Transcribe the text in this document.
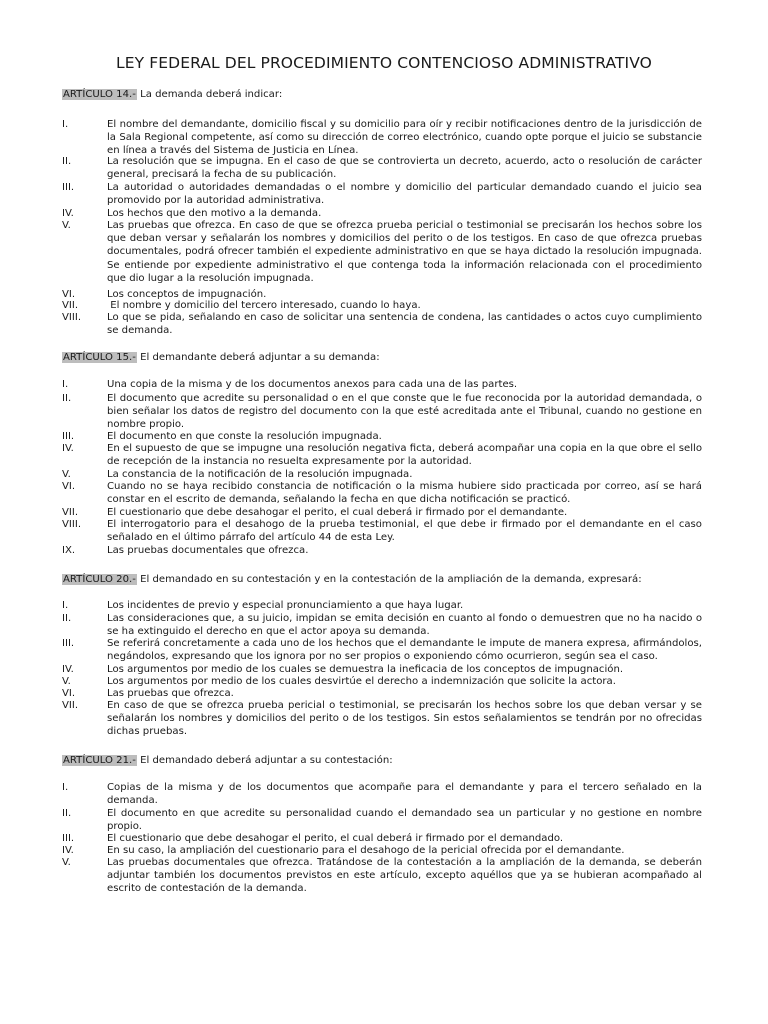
LEY FEDERAL DEL PROCEDIMIENTO CONTENCIOSO ADMINISTRATIVO
ARTÍCULO 14.- La demanda deberá indicar:
I.	El nombre del demandante, domicilio fiscal y su domicilio para oír y recibir notificaciones dentro de la jurisdicción de la Sala Regional competente, así como su dirección de correo electrónico, cuando opte porque el juicio se substancie en línea a través del Sistema de Justicia en Línea.
II.	La resolución que se impugna. En el caso de que se controvierta un decreto, acuerdo, acto o resolución de carácter general, precisará la fecha de su publicación.
III.	La autoridad o autoridades demandadas o el nombre y domicilio del particular demandado cuando el juicio sea promovido por la autoridad administrativa.
IV.	Los hechos que den motivo a la demanda.
V.	Las pruebas que ofrezca. En caso de que se ofrezca prueba pericial o testimonial se precisarán los hechos sobre los que deban versar y señalarán los nombres y domicilios del perito o de los testigos. En caso de que ofrezca pruebas documentales, podrá ofrecer también el expediente administrativo en que se haya dictado la resolución impugnada. Se entiende por expediente administrativo el que contenga toda la información relacionada con el procedimiento que dio lugar a la resolución impugnada.
VI.	Los conceptos de impugnación.
VII.	El nombre y domicilio del tercero interesado, cuando lo haya.
VIII.	Lo que se pida, señalando en caso de solicitar una sentencia de condena, las cantidades o actos cuyo cumplimiento se demanda.
ARTÍCULO 15.- El demandante deberá adjuntar a su demanda:
I.	Una copia de la misma y de los documentos anexos para cada una de las partes.
II.	El documento que acredite su personalidad o en el que conste que le fue reconocida por la autoridad demandada, o bien señalar los datos de registro del documento con la que esté acreditada ante el Tribunal, cuando no gestione en nombre propio.
III.	El documento en que conste la resolución impugnada.
IV.	En el supuesto de que se impugne una resolución negativa ficta, deberá acompañar una copia en la que obre el sello de recepción de la instancia no resuelta expresamente por la autoridad.
V.	La constancia de la notificación de la resolución impugnada.
VI.	Cuando no se haya recibido constancia de notificación o la misma hubiere sido practicada por correo, así se hará constar en el escrito de demanda, señalando la fecha en que dicha notificación se practicó.
VII.	El cuestionario que debe desahogar el perito, el cual deberá ir firmado por el demandante.
VIII.	El interrogatorio para el desahogo de la prueba testimonial, el que debe ir firmado por el demandante en el caso señalado en el último párrafo del artículo 44 de esta Ley.
IX.	Las pruebas documentales que ofrezca.
ARTÍCULO 20.- El demandado en su contestación y en la contestación de la ampliación de la demanda, expresará:
I.	Los incidentes de previo y especial pronunciamiento a que haya lugar.
II.	Las consideraciones que, a su juicio, impidan se emita decisión en cuanto al fondo o demuestren que no ha nacido o se ha extinguido el derecho en que el actor apoya su demanda.
III.	Se referirá concretamente a cada uno de los hechos que el demandante le impute de manera expresa, afirmándolos, negándolos, expresando que los ignora por no ser propios o exponiendo cómo ocurrieron, según sea el caso.
IV.	Los argumentos por medio de los cuales se demuestra la ineficacia de los conceptos de impugnación.
V.	Los argumentos por medio de los cuales desvirtúe el derecho a indemnización que solicite la actora.
VI.	Las pruebas que ofrezca.
VII.	En caso de que se ofrezca prueba pericial o testimonial, se precisarán los hechos sobre los que deban versar y se señalarán los nombres y domicilios del perito o de los testigos. Sin estos señalamientos se tendrán por no ofrecidas dichas pruebas.
ARTÍCULO 21.- El demandado deberá adjuntar a su contestación:
I.	Copias de la misma y de los documentos que acompañe para el demandante y para el tercero señalado en la demanda.
II.	El documento en que acredite su personalidad cuando el demandado sea un particular y no gestione en nombre propio.
III.	El cuestionario que debe desahogar el perito, el cual deberá ir firmado por el demandado.
IV.	En su caso, la ampliación del cuestionario para el desahogo de la pericial ofrecida por el demandante.
V.	Las pruebas documentales que ofrezca. Tratándose de la contestación a la ampliación de la demanda, se deberán adjuntar también los documentos previstos en este artículo, excepto aquéllos que ya se hubieran acompañado al escrito de contestación de la demanda.
